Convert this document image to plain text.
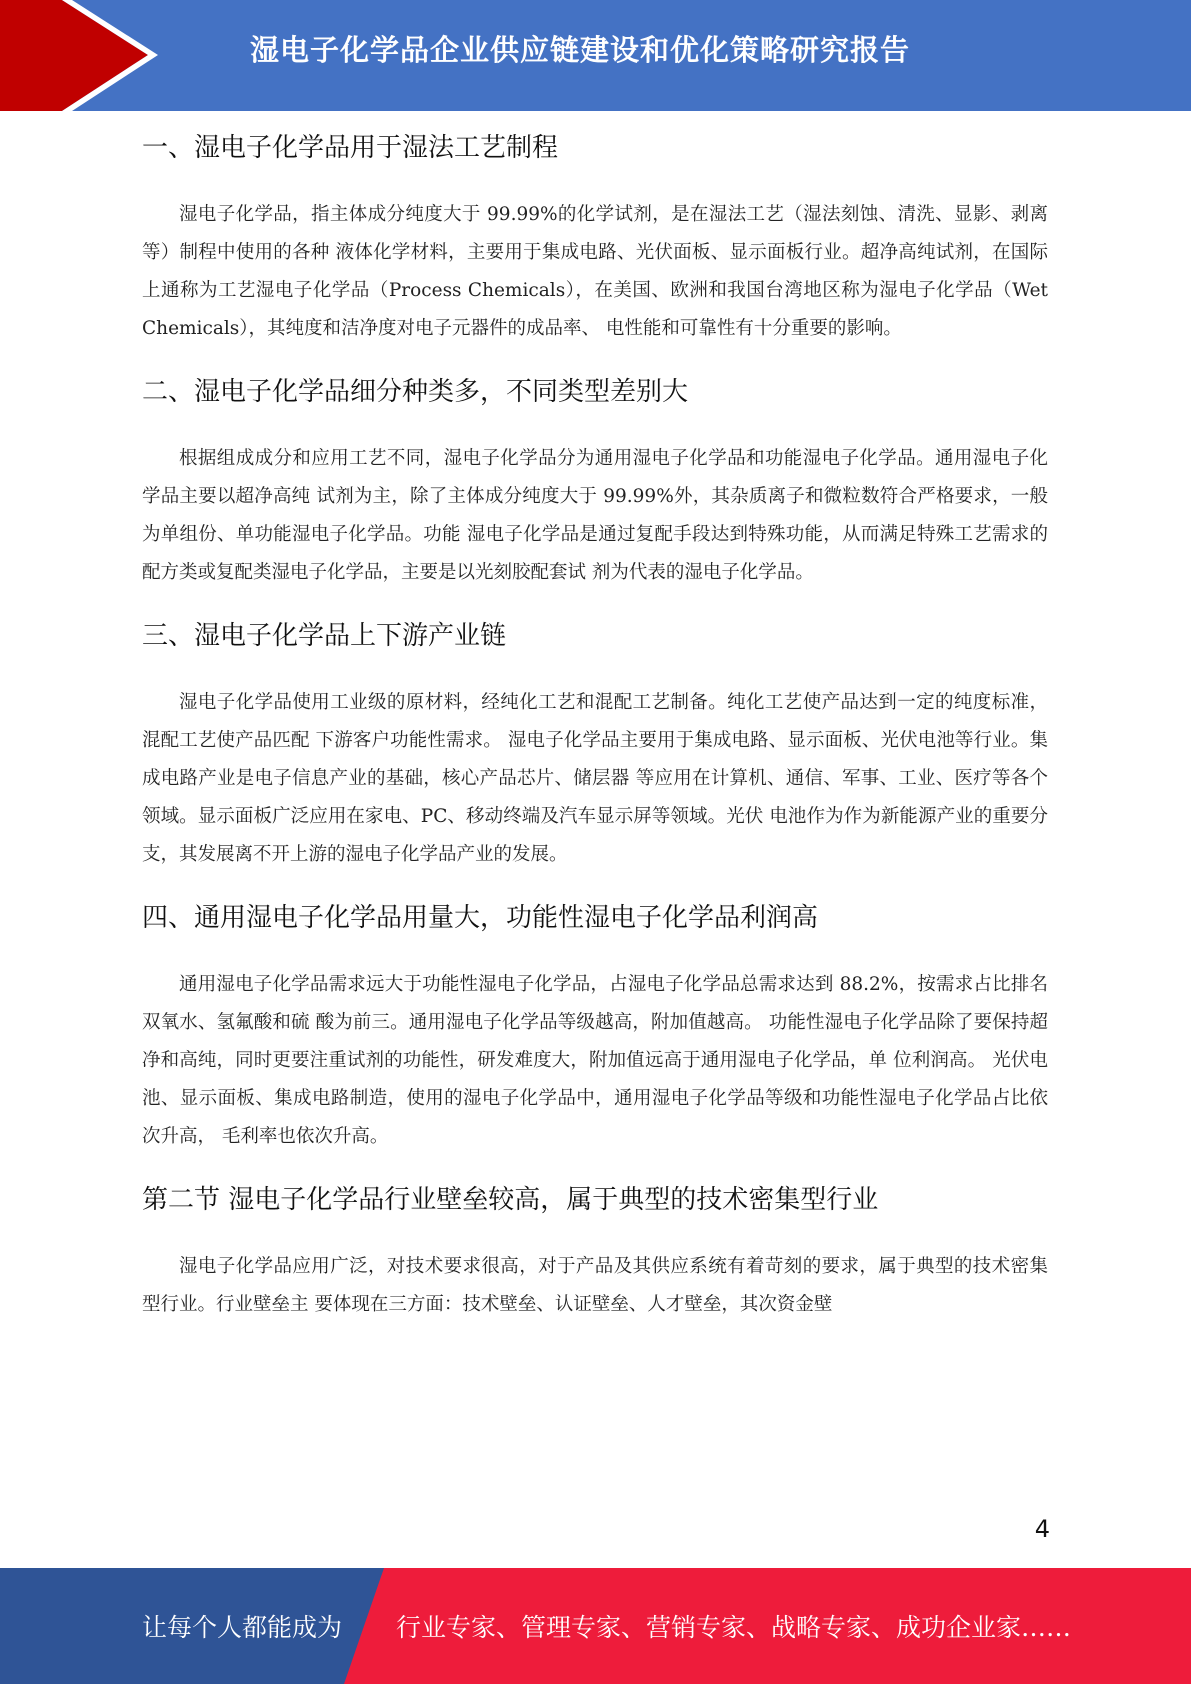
湿电子化学品企业供应链建设和优化策略研究报告
一、湿电子化学品用于湿法工艺制程

湿电子化学品，指主体成分纯度大于 99.99%的化学试剂，是在湿法工艺（湿法刻蚀、清洗、显影、剥离等）制程中使用的各种 液体化学材料，主要用于集成电路、光伏面板、显示面板行业。超净高纯试剂，在国际上通称为工艺湿电子化学品（Process Chemicals），在美国、欧洲和我国台湾地区称为湿电子化学品（Wet Chemicals），其纯度和洁净度对电子元器件的成品率、 电性能和可靠性有十分重要的影响。

二、湿电子化学品细分种类多，不同类型差别大

根据组成成分和应用工艺不同，湿电子化学品分为通用湿电子化学品和功能湿电子化学品。通用湿电子化学品主要以超净高纯 试剂为主，除了主体成分纯度大于 99.99%外，其杂质离子和微粒数符合严格要求，一般为单组份、单功能湿电子化学品。功能 湿电子化学品是通过复配手段达到特殊功能，从而满足特殊工艺需求的配方类或复配类湿电子化学品，主要是以光刻胶配套试 剂为代表的湿电子化学品。

三、湿电子化学品上下游产业链

湿电子化学品使用工业级的原材料，经纯化工艺和混配工艺制备。纯化工艺使产品达到一定的纯度标准，混配工艺使产品匹配 下游客户功能性需求。 湿电子化学品主要用于集成电路、显示面板、光伏电池等行业。集成电路产业是电子信息产业的基础，核心产品芯片、储层器 等应用在计算机、通信、军事、工业、医疗等各个领域。显示面板广泛应用在家电、PC、移动终端及汽车显示屏等领域。光伏 电池作为作为新能源产业的重要分支，其发展离不开上游的湿电子化学品产业的发展。

四、通用湿电子化学品用量大，功能性湿电子化学品利润高

通用湿电子化学品需求远大于功能性湿电子化学品，占湿电子化学品总需求达到 88.2%，按需求占比排名双氧水、氢氟酸和硫 酸为前三。通用湿电子化学品等级越高，附加值越高。 功能性湿电子化学品除了要保持超净和高纯，同时更要注重试剂的功能性，研发难度大，附加值远高于通用湿电子化学品，单 位利润高。 光伏电池、显示面板、集成电路制造，使用的湿电子化学品中，通用湿电子化学品等级和功能性湿电子化学品占比依次升高， 毛利率也依次升高。

第二节 湿电子化学品行业壁垒较高，属于典型的技术密集型行业

湿电子化学品应用广泛，对技术要求很高，对于产品及其供应系统有着苛刻的要求，属于典型的技术密集型行业。行业壁垒主 要体现在三方面：技术壁垒、认证壁垒、人才壁垒，其次资金壁

4
让每个人都能成为 行业专家、管理专家、营销专家、战略专家、成功企业家……
